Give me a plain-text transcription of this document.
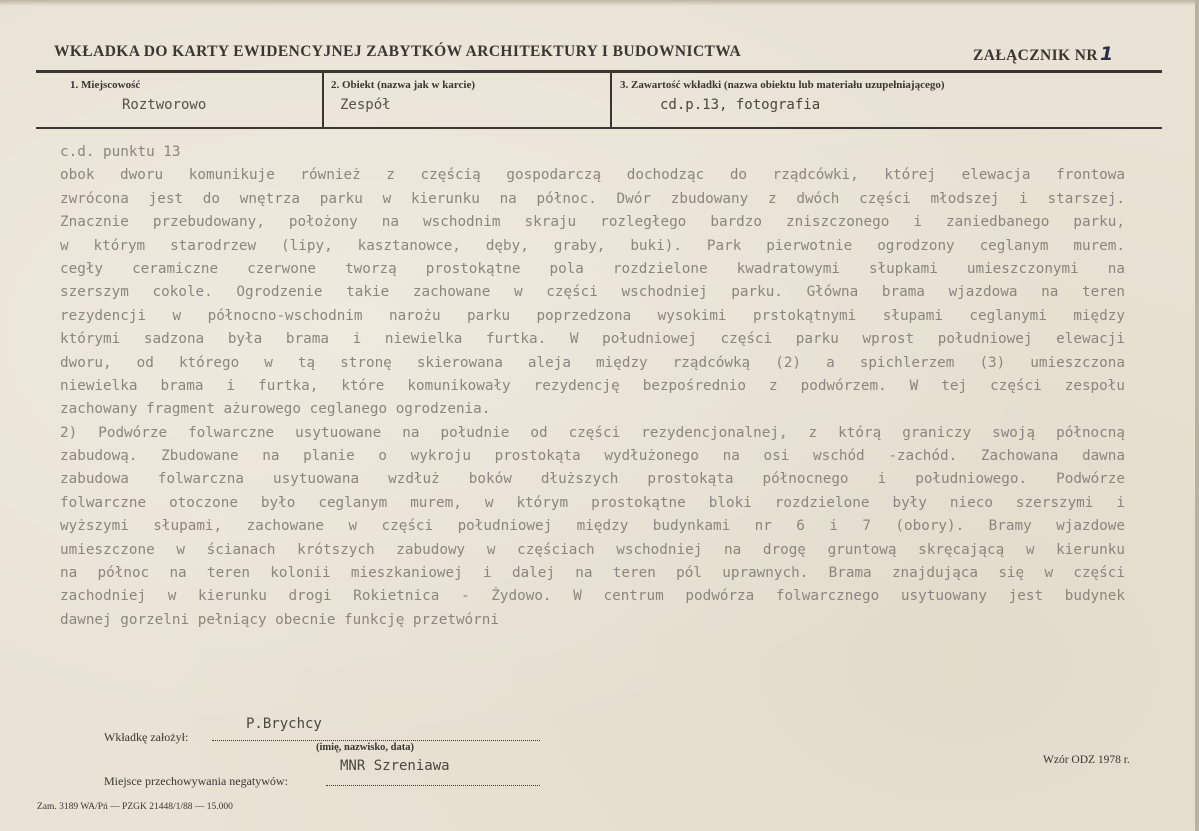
WKŁADKA DO KARTY EWIDENCYJNEJ ZABYTKÓW ARCHITEKTURY I BUDOWNICTWA	ZAŁĄCZNIK NR 1
1. Miejscowość
Roztworowo
2. Obiekt (nazwa jak w karcie)
Zespół
3. Zawartość wkładki (nazwa obiektu lub materiału uzupełniającego)
cd.p.13, fotografia
c.d. punktu 13
obok dworu komunikuje również z częścią gospodarczą dochodząc do rządcówki, której elewacja frontowa
zwrócona jest do wnętrza parku w kierunku na północ. Dwór zbudowany z dwóch części młodszej i starszej.
Znacznie przebudowany, położony na wschodnim skraju rozległego bardzo zniszczonego i zaniedbanego parku,
w którym starodrzew (lipy, kasztanowce, dęby, graby, buki). Park pierwotnie ogrodzony ceglanym murem.
cegły ceramiczne czerwone tworzą prostokątne pola rozdzielone kwadratowymi słupkami umieszczonymi na
szerszym cokole. Ogrodzenie takie zachowane w części wschodniej parku. Główna brama wjazdowa na teren
rezydencji w północno-wschodnim narożu parku poprzedzona wysokimi prstokątnymi słupami ceglanymi między
którymi sadzona była brama i niewielka furtka. W południowej części parku wprost południowej elewacji
dworu, od którego w tą stronę skierowana aleja między rządcówką (2) a spichlerzem (3) umieszczona
niewielka brama i furtka, które komunikowały rezydencję bezpośrednio z podwórzem. W tej części zespołu
zachowany fragment ażurowego ceglanego ogrodzenia.
2) Podwórze folwarczne usytuowane na południe od części rezydencjonalnej, z którą graniczy swoją północną
zabudową. Zbudowane na planie o wykroju prostokąta wydłużonego na osi wschód -zachód. Zachowana dawna
zabudowa folwarczna usytuowana wzdłuż boków dłuższych prostokąta północnego i południowego. Podwórze
folwarczne otoczone było ceglanym murem, w którym prostokątne bloki rozdzielone były nieco szerszymi i
wyższymi słupami, zachowane w części południowej między budynkami nr 6 i 7 (obory). Bramy wjazdowe
umieszczone w ścianach krótszych zabudowy w częściach wschodniej na drogę gruntową skręcającą w kierunku
na północ na teren kolonii mieszkaniowej i dalej na teren pól uprawnych. Brama znajdująca się w części
zachodniej w kierunku drogi Rokietnica - Żydowo. W centrum podwórza folwarcznego usytuowany jest budynek
dawnej gorzelni pełniący obecnie funkcję przetwórni
Wkładkę założył:
P.Brychcy
(imię, nazwisko, data)
Miejsce przechowywania negatywów:
MNR Szreniawa	Wzór ODZ 1978 r.
Zam. 3189 WA/Pń — PZGK 21448/1/88 — 15.000
